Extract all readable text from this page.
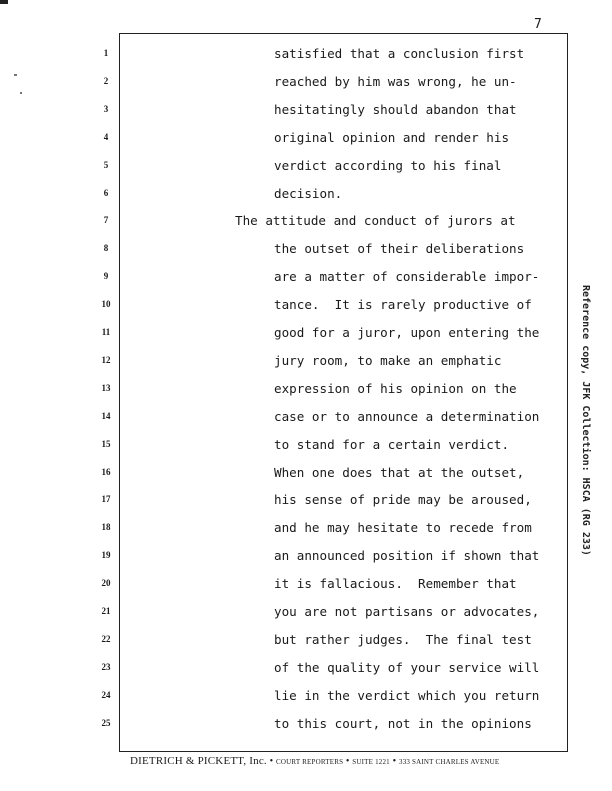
7
1	satisfied that a conclusion first
2	reached by him was wrong, he un-
3	hesitatingly should abandon that
4	original opinion and render his
5	verdict according to his final
6	decision.
7	The attitude and conduct of jurors at
8	the outset of their deliberations
9	are a matter of considerable impor-
10	tance.  It is rarely productive of
11	good for a juror, upon entering the
12	jury room, to make an emphatic
13	expression of his opinion on the
14	case or to announce a determination
15	to stand for a certain verdict.
16	When one does that at the outset,
17	his sense of pride may be aroused,
18	and he may hesitate to recede from
19	an announced position if shown that
20	it is fallacious.  Remember that
21	you are not partisans or advocates,
22	but rather judges.  The final test
23	of the quality of your service will
24	lie in the verdict which you return
25	to this court, not in the opinions
Reference copy, JFK Collection: HSCA (RG 233)
DIETRICH & PICKETT, Inc. • COURT REPORTERS • SUITE 1221 • 333 SAINT CHARLES AVENUE
